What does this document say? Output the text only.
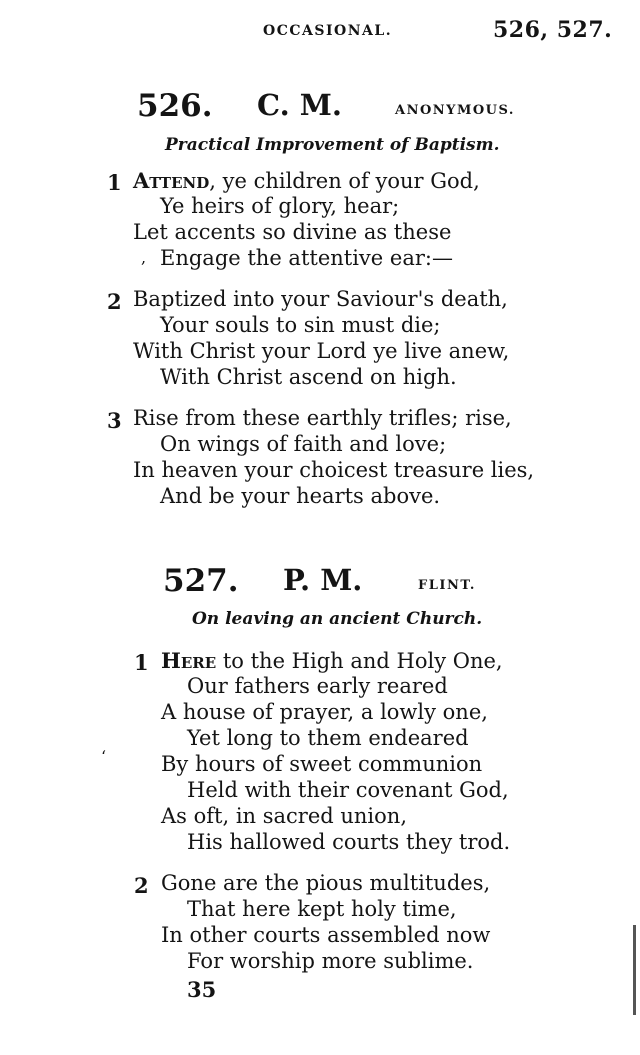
OCCASIONAL.	526, 527.
526. C. M.	ANONYMOUS.
Practical Improvement of Baptism.
1 Attend, ye children of your God,
Ye heirs of glory, hear;
Let accents so divine as these
, Engage the attentive ear:—
2 Baptized into your Saviour's death,
Your souls to sin must die;
With Christ your Lord ye live anew,
With Christ ascend on high.
3 Rise from these earthly trifles; rise,
On wings of faith and love;
In heaven your choicest treasure lies,
And be your hearts above.
527. P. M.	FLINT.
On leaving an ancient Church.
1 Here to the High and Holy One,
Our fathers early reared
A house of prayer, a lowly one,
Yet long to them endeared
ʻ	By hours of sweet communion
Held with their covenant God,
As oft, in sacred union,
His hallowed courts they trod.
2 Gone are the pious multitudes,
That here kept holy time,
In other courts assembled now
For worship more sublime.
35
